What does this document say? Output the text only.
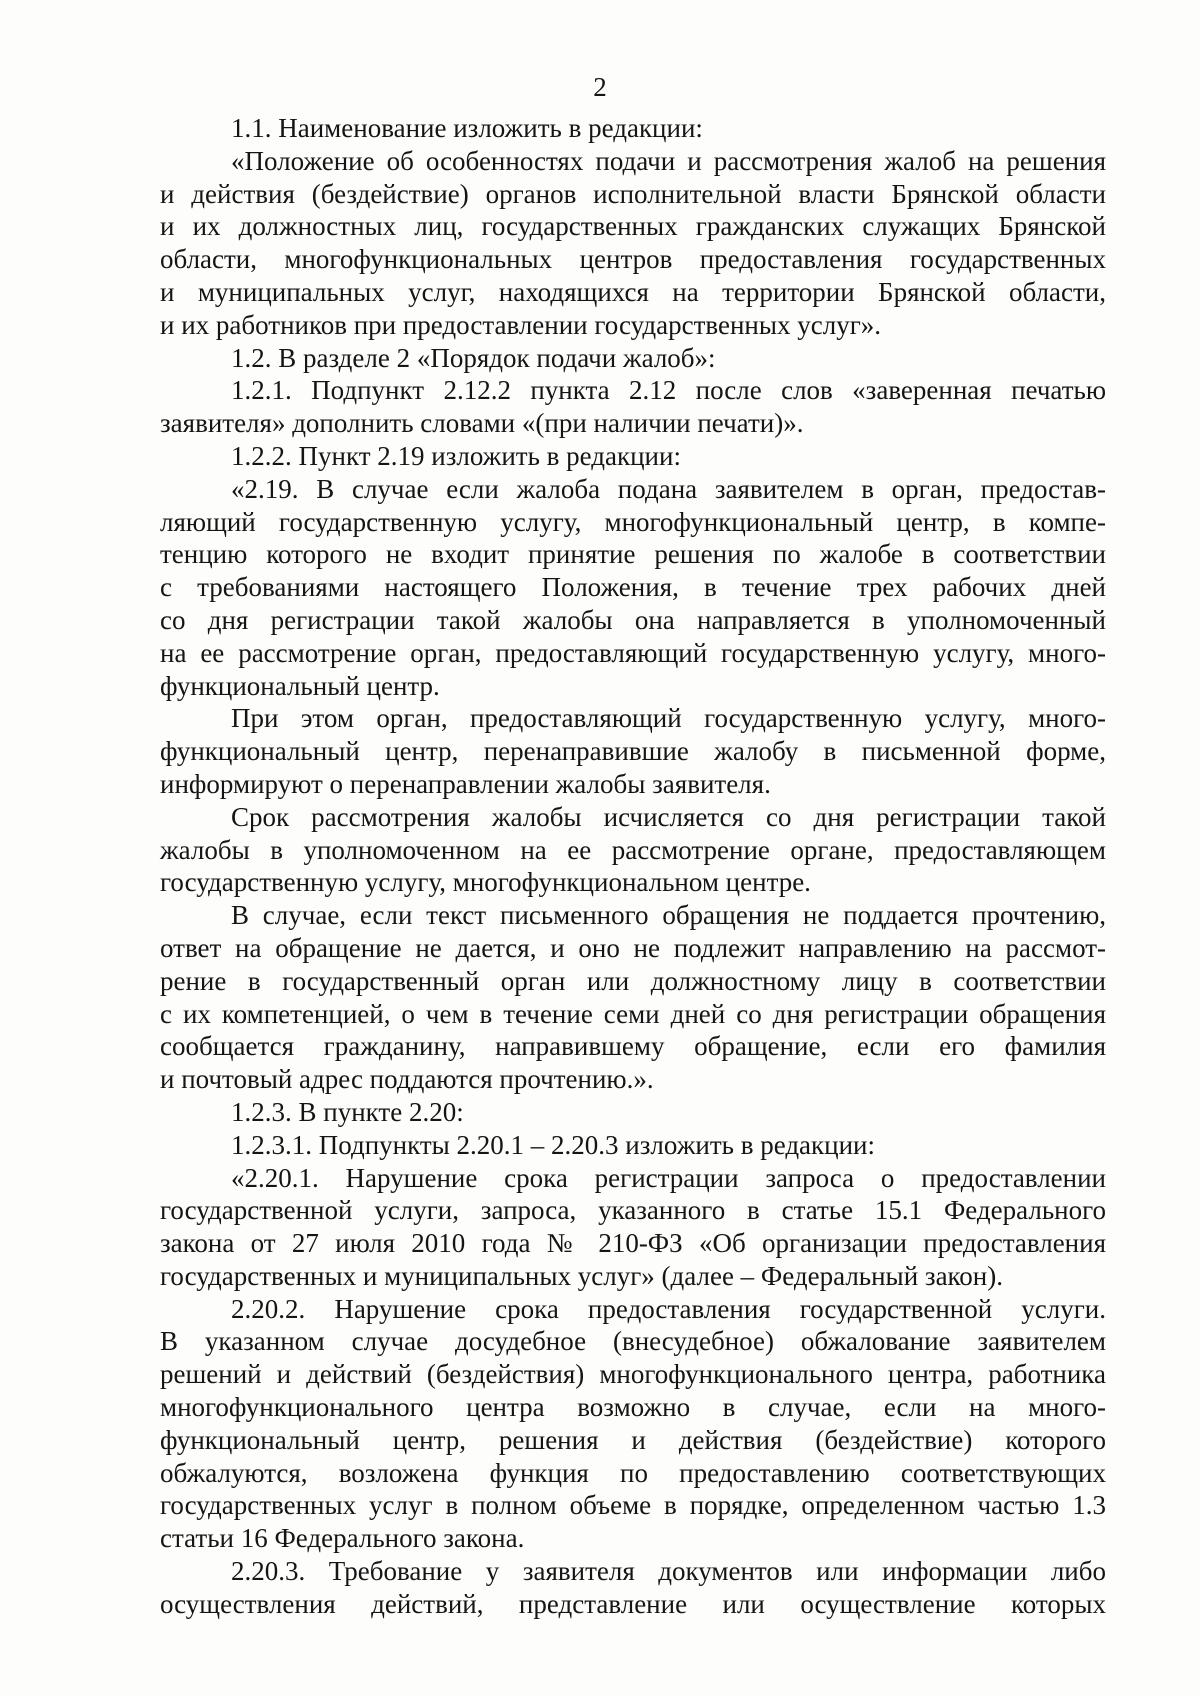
2

1.1. Наименование изложить в редакции:

«Положение об особенностях подачи и рассмотрения жалоб на решения

и действия (бездействие) органов исполнительной власти Брянской области

и их должностных лиц, государственных гражданских служащих Брянской

области, многофункциональных центров предоставления государственных

и муниципальных услуг, находящихся на территории Брянской области,

и их работников при предоставлении государственных услуг».

1.2. В разделе 2 «Порядок подачи жалоб»:

1.2.1. Подпункт 2.12.2 пункта 2.12 после слов «заверенная печатью

заявителя» дополнить словами «(при наличии печати)».

1.2.2. Пункт 2.19 изложить в редакции:

«2.19. В случае если жалоба подана заявителем в орган, предостав-

ляющий государственную услугу, многофункциональный центр, в компе-

тенцию которого не входит принятие решения по жалобе в соответствии

с требованиями настоящего Положения, в течение трех рабочих дней

со дня регистрации такой жалобы она направляется в уполномоченный

на ее рассмотрение орган, предоставляющий государственную услугу, много-

функциональный центр.

При этом орган, предоставляющий государственную услугу, много-

функциональный центр, перенаправившие жалобу в письменной форме,

информируют о перенаправлении жалобы заявителя.

Срок рассмотрения жалобы исчисляется со дня регистрации такой

жалобы в уполномоченном на ее рассмотрение органе, предоставляющем

государственную услугу, многофункциональном центре.

В случае, если текст письменного обращения не поддается прочтению,

ответ на обращение не дается, и оно не подлежит направлению на рассмот-

рение в государственный орган или должностному лицу в соответствии

с их компетенцией, о чем в течение семи дней со дня регистрации обращения

сообщается гражданину, направившему обращение, если его фамилия

и почтовый адрес поддаются прочтению.».

1.2.3. В пункте 2.20:

1.2.3.1. Подпункты 2.20.1 – 2.20.3 изложить в редакции:

«2.20.1. Нарушение срока регистрации запроса о предоставлении

государственной услуги, запроса, указанного в статье 15.1 Федерального

закона от 27 июля 2010 года № 210-ФЗ «Об организации предоставления

государственных и муниципальных услуг» (далее – Федеральный закон).

2.20.2. Нарушение срока предоставления государственной услуги.

В указанном случае досудебное (внесудебное) обжалование заявителем

решений и действий (бездействия) многофункционального центра, работника

многофункционального центра возможно в случае, если на много-

функциональный центр, решения и действия (бездействие) которого

обжалуются, возложена функция по предоставлению соответствующих

государственных услуг в полном объеме в порядке, определенном частью 1.3

статьи 16 Федерального закона.

2.20.3. Требование у заявителя документов или информации либо

осуществления действий, представление или осуществление которых
